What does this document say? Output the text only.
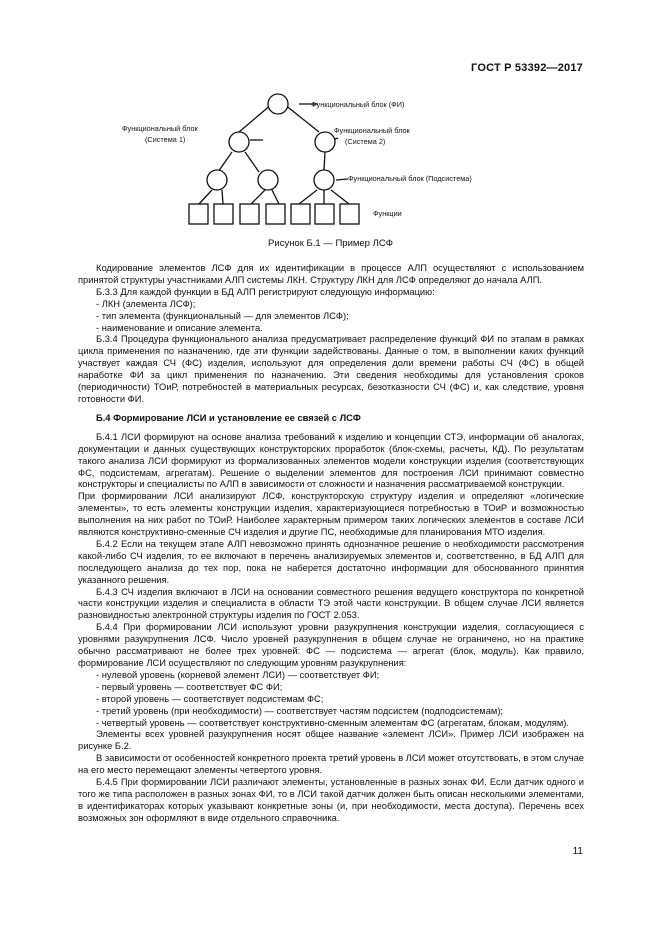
ГОСТ Р 53392—2017
Функциональный блок (ФИ)
Функциональный блок
(Система 1)
Функциональный блок
(Система 2)
Функциональный блок (Подсистема)
Функции
Рисунок Б.1 — Пример ЛСФ

Кодирование элементов ЛСФ для их идентификации в процессе АЛП осуществляют с использованием принятой структуры участниками АЛП системы ЛКН. Структуру ЛКН для ЛСФ определяют до начала АЛП.

Б.3.3 Для каждой функции в БД АЛП регистрируют следующую информацию:

- ЛКН (элемента ЛСФ);

- тип элемента (функциональный — для элементов ЛСФ);

- наименование и описание элемента.

Б.3.4 Процедура функционального анализа предусматривает распределение функций ФИ по этапам в рамках цикла применения по назначению, где эти функции задействованы. Данные о том, в выполнении каких функций участвует каждая СЧ (ФС) изделия, используют для определения доли времени работы СЧ (ФС) в общей наработке ФИ за цикл применения по назначению. Эти сведения необходимы для установления сроков (периодичности) ТОиР, потребностей в материальных ресурсах, безотказности СЧ (ФС) и, как следствие, уровня готовности ФИ.

Б.4 Формирование ЛСИ и установление ее связей с ЛСФ

Б.4.1 ЛСИ формируют на основе анализа требований к изделию и концепции СТЭ, информации об аналогах, документации и данных существующих конструкторских проработок (блок-схемы, расчеты, КД). По результатам такого анализа ЛСИ формируют из формализованных элементов модели конструкции изделия (соответствующих ФС, подсистемам, агрегатам). Решение о выделении элементов для построения ЛСИ принимают совместно конструкторы и специалисты по АЛП в зависимости от сложности и назначения рассматриваемой конструкции.

При формировании ЛСИ анализируют ЛСФ, конструкторскую структуру изделия и определяют «логические элементы», то есть элементы конструкции изделия, характеризующиеся потребностью в ТОиР и возможностью выполнения на них работ по ТОиР. Наиболее характерным примером таких логических элементов в составе ЛСИ являются конструктивно-сменные СЧ изделия и другие ПС, необходимые для планирования МТО изделия.

Б.4.2 Если на текущем этапе АЛП невозможно принять однозначное решение о необходимости рассмотрения какой-либо СЧ изделия, то ее включают в перечень анализируемых элементов и, соответственно, в БД АЛП для последующего анализа до тех пор, пока не наберется достаточно информации для обоснованного принятия указанного решения.

Б.4.3 СЧ изделия включают в ЛСИ на основании совместного решения ведущего конструктора по конкретной части конструкции изделия и специалиста в области ТЭ этой части конструкции. В общем случае ЛСИ является разновидностью электронной структуры изделия по ГОСТ 2.053.

Б.4.4 При формировании ЛСИ используют уровни разукрупнения конструкции изделия, согласующиеся с уровнями разукрупнения ЛСФ. Число уровней разукрупнения в общем случае не ограничено, но на практике обычно рассматривают не более трех уровней: ФС — подсистема — агрегат (блок, модуль). Как правило, формирование ЛСИ осуществляют по следующим уровням разукрупнения:

- нулевой уровень (корневой элемент ЛСИ) — соответствует ФИ;

- первый уровень — соответствует ФС ФИ;

- второй уровень — соответствует подсистемам ФС;

- третий уровень (при необходимости) — соответствует частям подсистем (подподсистемам);

- четвертый уровень — соответствует конструктивно-сменным элементам ФС (агрегатам, блокам, модулям).

Элементы всех уровней разукрупнения носят общее название «элемент ЛСИ». Пример ЛСИ изображен на рисунке Б.2.

В зависимости от особенностей конкретного проекта третий уровень в ЛСИ может отсутствовать, в этом случае на его место перемещают элементы четвертого уровня.

Б.4.5 При формировании ЛСИ различают элементы, установленные в разных зонах ФИ. Если датчик одного и того же типа расположен в разных зонах ФИ, то в ЛСИ такой датчик должен быть описан несколькими элементами, в идентификаторах которых указывают конкретные зоны (и, при необходимости, места доступа). Перечень всех возможных зон оформляют в виде отдельного справочника.

11
